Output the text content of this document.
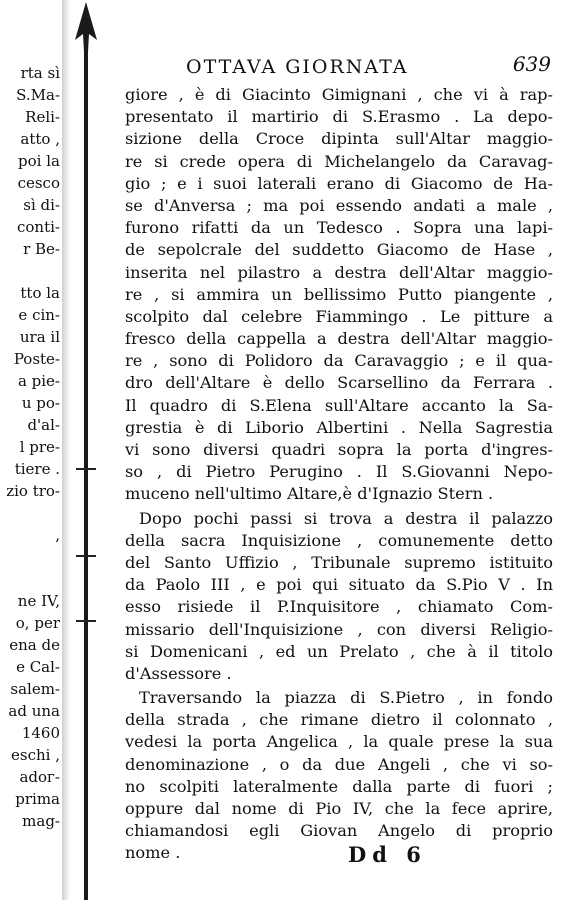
rta sì
S.Ma-
Reli-
atto ,
poi la
cesco
sì di-
conti-
r Be-
tto la
e cin-
ura il
Poste-
a pie-
u po-
d'al-
l pre-
tiere .
zio tro-
,
ne IV,
o, per
ena de
e Cal-
salem-
ad una
1460
eschi ,
adoг-
prima
mag-
OTTAVA GIORNATA	639
giore , è di Giacinto Gimignani , che vi à rap-
presentato il martirio di S.Erasmo . La depo-
sizione della Croce dipinta sull'Altar maggio-
re si crede opera di Michelangelo da Caravag-
gio ; e i suoi laterali erano di Giacomo de Ha-
se d'Anversa ; ma poi essendo andati a male ,
furono rifatti da un Tedesco . Sopra una lapi-
de sepolcrale del suddetto Giacomo de Hase ,
inserita nel pilastro a destra dell'Altar maggio-
re , si ammira un bellissimo Putto piangente ,
scolpito dal celebre Fiammingo . Le pitture a
fresco della cappella a destra dell'Altar maggio-
re , sono di Polidoro da Caravaggio ; e il qua-
dro dell'Altare è dello Scarsellino da Ferrara .
Il quadro di S.Elena sull'Altare accanto la Sa-
grestia è di Liborio Albertini . Nella Sagrestia
vi sono diversi quadri sopra la porta d'ingres-
so , di Pietro Perugino . Il S.Giovanni Nepo-
muceno nell'ultimo Altare,è d'Ignazio Stern .
Dopo pochi passi si trova a destra il palazzo
della sacra Inquisizione , comunemente detto
del Santo Uffizio , Tribunale supremo istituito
da Paolo III , e poi qui situato da S.Pio V . In
esso risiede il P.Inquisitore , chiamato Com-
missario dell'Inquisizione , con diversi Religio-
si Domenicani , ed un Prelato , che à il titolo
d'Assessore .
Traversando la piazza di S.Pietro , in fondo
della strada , che rimane dietro il colonnato ,
vedesi la porta Angelica , la quale prese la sua
denominazione , o da due Angeli , che vi so-
no scolpiti lateralmente dalla parte di fuori ;
oppure dal nome di Pio IV, che la fece aprire,
chiamandosi egli Giovan Angelo di proprio
nome .	Dd 6
